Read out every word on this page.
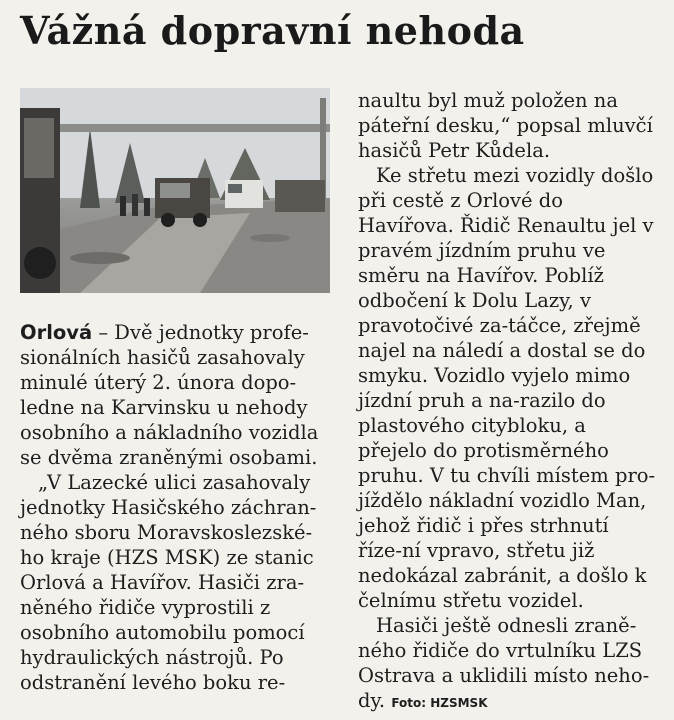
Vážná dopravní nehoda

Orlová – Dvě jednotky profe-sionálních hasičů zasahovaly minulé úterý 2. února dopo-ledne na Karvinsku u nehody osobního a nákladního vozidla se dvěma zraněnými osobami.

„V Lazecké ulici zasahovaly jednotky Hasičského záchran-ného sboru Moravskoslezské-ho kraje (HZS MSK) ze stanic Orlová a Havířov. Hasiči zra-něného řidiče vyprostili z osobního automobilu pomocí hydraulických nástrojů. Po odstranění levého boku re-

naultu byl muž položen na páteřní desku,“ popsal mluvčí hasičů Petr Kůdela.

Ke střetu mezi vozidly došlo při cestě z Orlové do Havířova. Řidič Renaultu jel v pravém jízdním pruhu ve směru na Havířov. Poblíž odbočení k Dolu Lazy, v pravotočivé za-táčce, zřejmě najel na náledí a dostal se do smyku. Vozidlo vyjelo mimo jízdní pruh a na-razilo do plastového citybloku, a přejelo do protisměrného pruhu. V tu chvíli místem pro-jíždělo nákladní vozidlo Man, jehož řidič i přes strhnutí říze-ní vpravo, střetu již nedokázal zabránit, a došlo k čelnímu střetu vozidel.

Hasiči ještě odnesli zraně-ného řidiče do vrtulníku LZS Ostrava a uklidili místo neho-dy. Foto: HZSMSK
